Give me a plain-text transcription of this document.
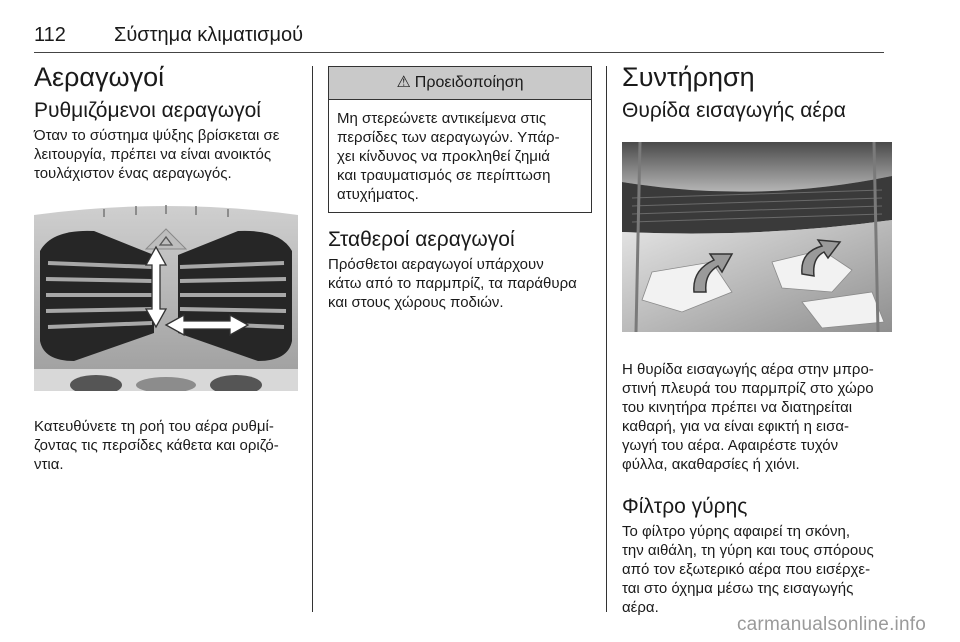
112 Σύστημα κλιματισμού
Αεραγωγοί
Ρυθμιζόμενοι αεραγωγοί

Όταν το σύστημα ψύξης βρίσκεται σε
λειτουργία, πρέπει να είναι ανοικτός
τουλάχιστον ένας αεραγωγός.

Κατευθύνετε τη ροή του αέρα ρυθμί-
ζοντας τις περσίδες κάθετα και οριζό-
ντια.
⚠ Προειδοποίηση
Μη στερεώνετε αντικείμενα στις
περσίδες των αεραγωγών. Υπάρ-
χει κίνδυνος να προκληθεί ζημιά
και τραυματισμός σε περίπτωση
ατυχήματος.
Σταθεροί αεραγωγοί

Πρόσθετοι αεραγωγοί υπάρχουν
κάτω από το παρμπρίζ, τα παράθυρα
και στους χώρους ποδιών.

Συντήρηση
Θυρίδα εισαγωγής αέρα
Η θυρίδα εισαγωγής αέρα στην μπρο-
στινή πλευρά του παρμπρίζ στο χώρο
του κινητήρα πρέπει να διατηρείται
καθαρή, για να είναι εφικτή η εισα-
γωγή του αέρα. Αφαιρέστε τυχόν
φύλλα, ακαθαρσίες ή χιόνι.
Φίλτρο γύρης

Το φίλτρο γύρης αφαιρεί τη σκόνη,
την αιθάλη, τη γύρη και τους σπόρους
από τον εξωτερικό αέρα που εισέρχε-
ται στο όχημα μέσω της εισαγωγής
αέρα.

carmanualsonline.info
